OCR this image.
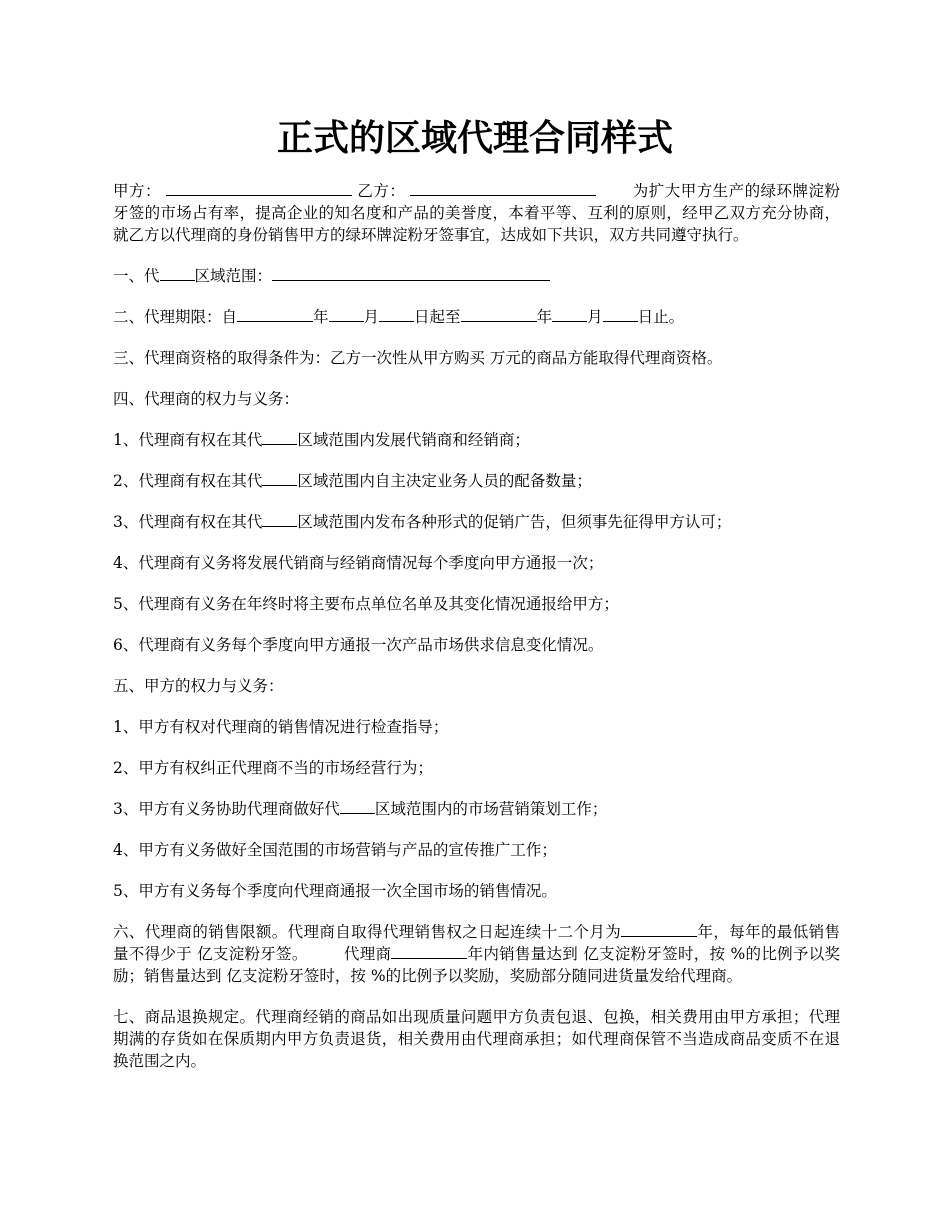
正式的区域代理合同样式

甲方：	乙方：	为扩大甲方生产的绿环牌淀粉牙签的市场占有率，提高企业的知名度和产品的美誉度，本着平等、互利的原则，经甲乙双方充分协商，就乙方以代理商的身份销售甲方的绿环牌淀粉牙签事宜，达成如下共识，双方共同遵守执行。

一、代 区域范围：

二、代理期限：自	年 月 日起至	年 月 日止。

三、代理商资格的取得条件为：乙方一次性从甲方购买 万元的商品方能取得代理商资格。

四、代理商的权力与义务：

1、代理商有权在其代 区域范围内发展代销商和经销商；

2、代理商有权在其代 区域范围内自主决定业务人员的配备数量；

3、代理商有权在其代 区域范围内发布各种形式的促销广告，但须事先征得甲方认可；

4、代理商有义务将发展代销商与经销商情况每个季度向甲方通报一次；

5、代理商有义务在年终时将主要布点单位名单及其变化情况通报给甲方；

6、代理商有义务每个季度向甲方通报一次产品市场供求信息变化情况。

五、甲方的权力与义务：

1、甲方有权对代理商的销售情况进行检查指导；

2、甲方有权纠正代理商不当的市场经营行为；

3、甲方有义务协助代理商做好代 区域范围内的市场营销策划工作；

4、甲方有义务做好全国范围的市场营销与产品的宣传推广工作；

5、甲方有义务每个季度向代理商通报一次全国市场的销售情况。

六、代理商的销售限额。代理商自取得代理销售权之日起连续十二个月为	年，每年的最低销售量不得少于 亿支淀粉牙签。 代理商	年内销售量达到 亿支淀粉牙签时，按 %的比例予以奖励；销售量达到 亿支淀粉牙签时，按 %的比例予以奖励，奖励部分随同进货量发给代理商。

七、商品退换规定。代理商经销的商品如出现质量问题甲方负责包退、包换，相关费用由甲方承担；代理期满的存货如在保质期内甲方负责退货，相关费用由代理商承担；如代理商保管不当造成商品变质不在退换范围之内。
